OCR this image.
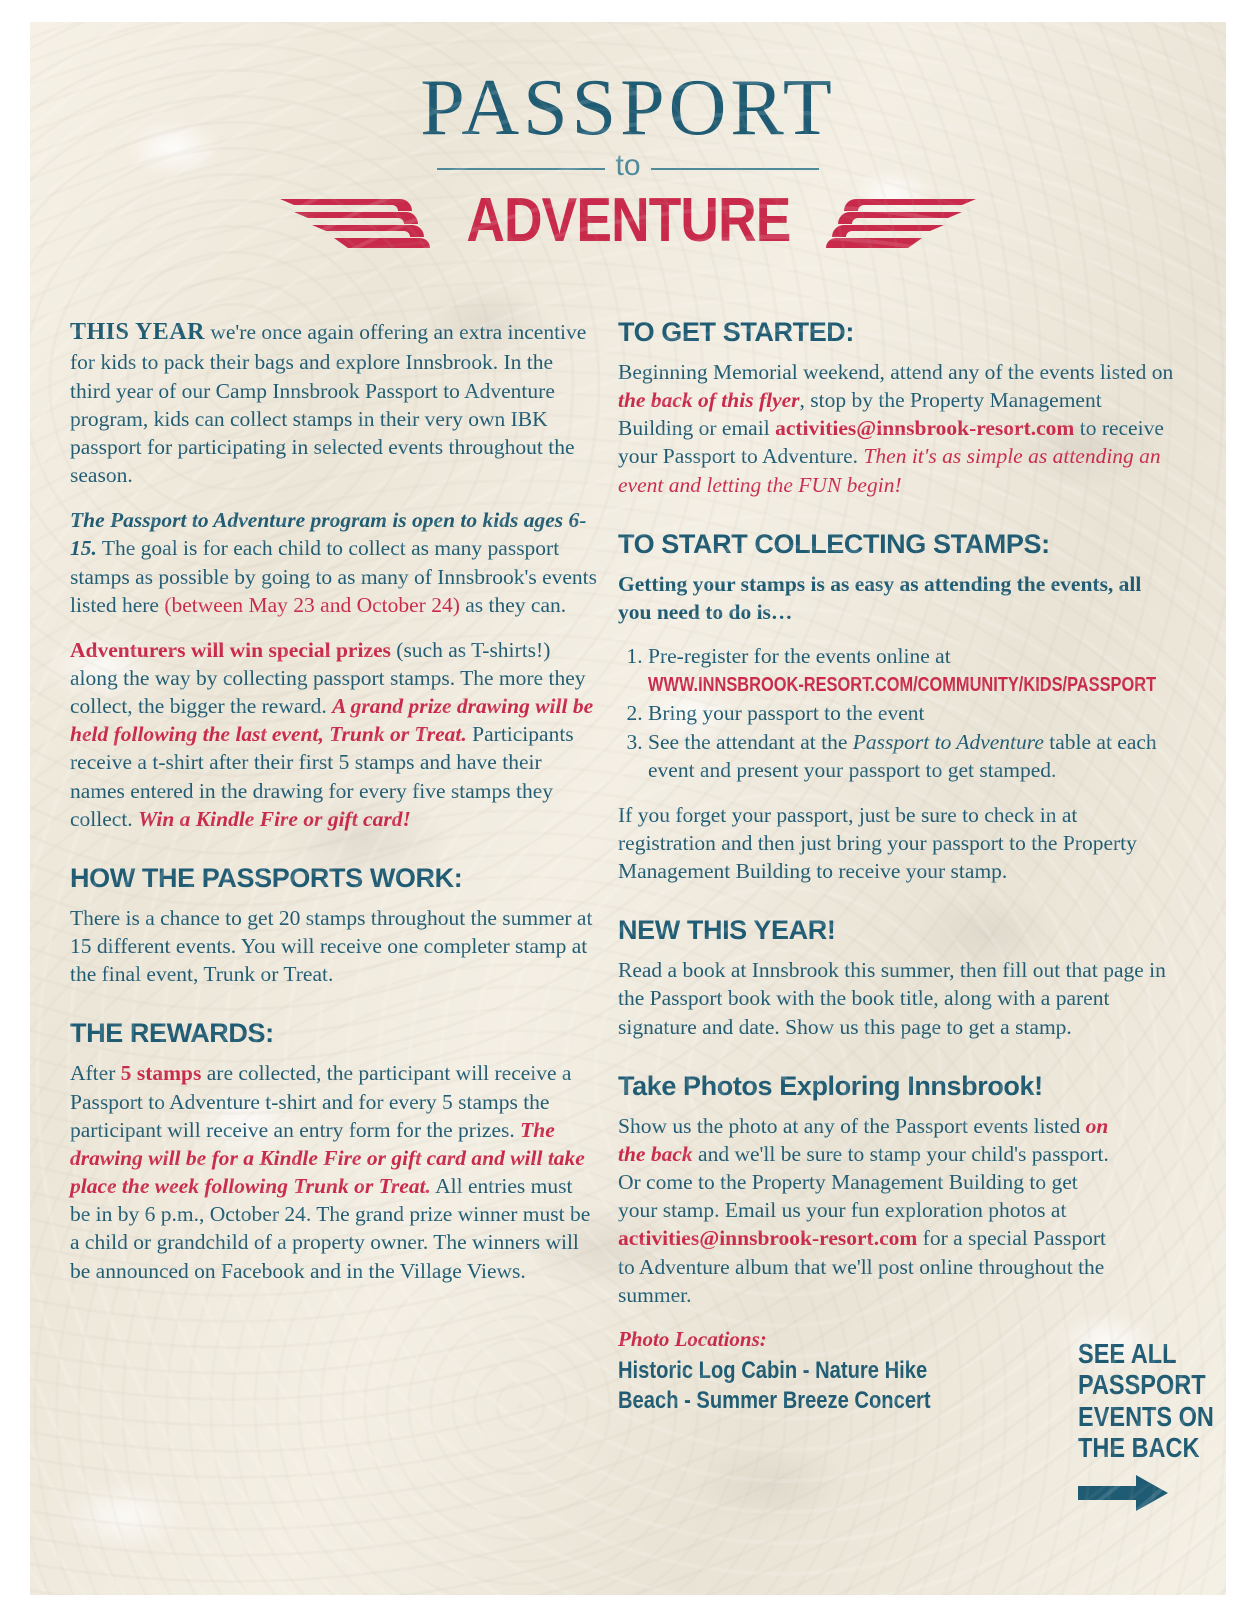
PASSPORT
to
ADVENTURE

THIS YEAR we're once again offering an extra incentive for kids to pack their bags and explore Innsbrook. In the third year of our Camp Innsbrook Passport to Adventure program, kids can collect stamps in their very own IBK passport for participating in selected events throughout the season.

The Passport to Adventure program is open to kids ages 6-15. The goal is for each child to collect as many passport stamps as possible by going to as many of Innsbrook's events listed here (between May 23 and October 24) as they can.

Adventurers will win special prizes (such as T-shirts!) along the way by collecting passport stamps. The more they collect, the bigger the reward. A grand prize drawing will be held following the last event, Trunk or Treat. Participants receive a t-shirt after their first 5 stamps and have their names entered in the drawing for every five stamps they collect. Win a Kindle Fire or gift card!

HOW THE PASSPORTS WORK:

There is a chance to get 20 stamps throughout the summer at 15 different events. You will receive one completer stamp at the final event, Trunk or Treat.

THE REWARDS:

After 5 stamps are collected, the participant will receive a Passport to Adventure t-shirt and for every 5 stamps the participant will receive an entry form for the prizes. The drawing will be for a Kindle Fire or gift card and will take place the week following Trunk or Treat. All entries must be in by 6 p.m., October 24. The grand prize winner must be a child or grandchild of a property owner. The winners will be announced on Facebook and in the Village Views.

TO GET STARTED:

Beginning Memorial weekend, attend any of the events listed on the back of this flyer, stop by the Property Management Building or email activities@innsbrook-resort.com to receive your Passport to Adventure. Then it's as simple as attending an event and letting the FUN begin!

TO START COLLECTING STAMPS:

Getting your stamps is as easy as attending the events, all you need to do is…

1. Pre-register for the events online at
WWW.INNSBROOK-RESORT.COM/COMMUNITY/KIDS/PASSPORT
2. Bring your passport to the event
3. See the attendant at the Passport to Adventure table at each event and present your passport to get stamped.

If you forget your passport, just be sure to check in at registration and then just bring your passport to the Property Management Building to receive your stamp.

NEW THIS YEAR!

Read a book at Innsbrook this summer, then fill out that page in the Passport book with the book title, along with a parent signature and date. Show us this page to get a stamp.

Take Photos Exploring Innsbrook!

Show us the photo at any of the Passport events listed on the back and we'll be sure to stamp your child's passport. Or come to the Property Management Building to get your stamp. Email us your fun exploration photos at activities@innsbrook-resort.com for a special Passport to Adventure album that we'll post online throughout the summer.

Photo Locations:
Historic Log Cabin - Nature Hike
Beach - Summer Breeze Concert
SEE ALL
PASSPORT
EVENTS ON
THE BACK
